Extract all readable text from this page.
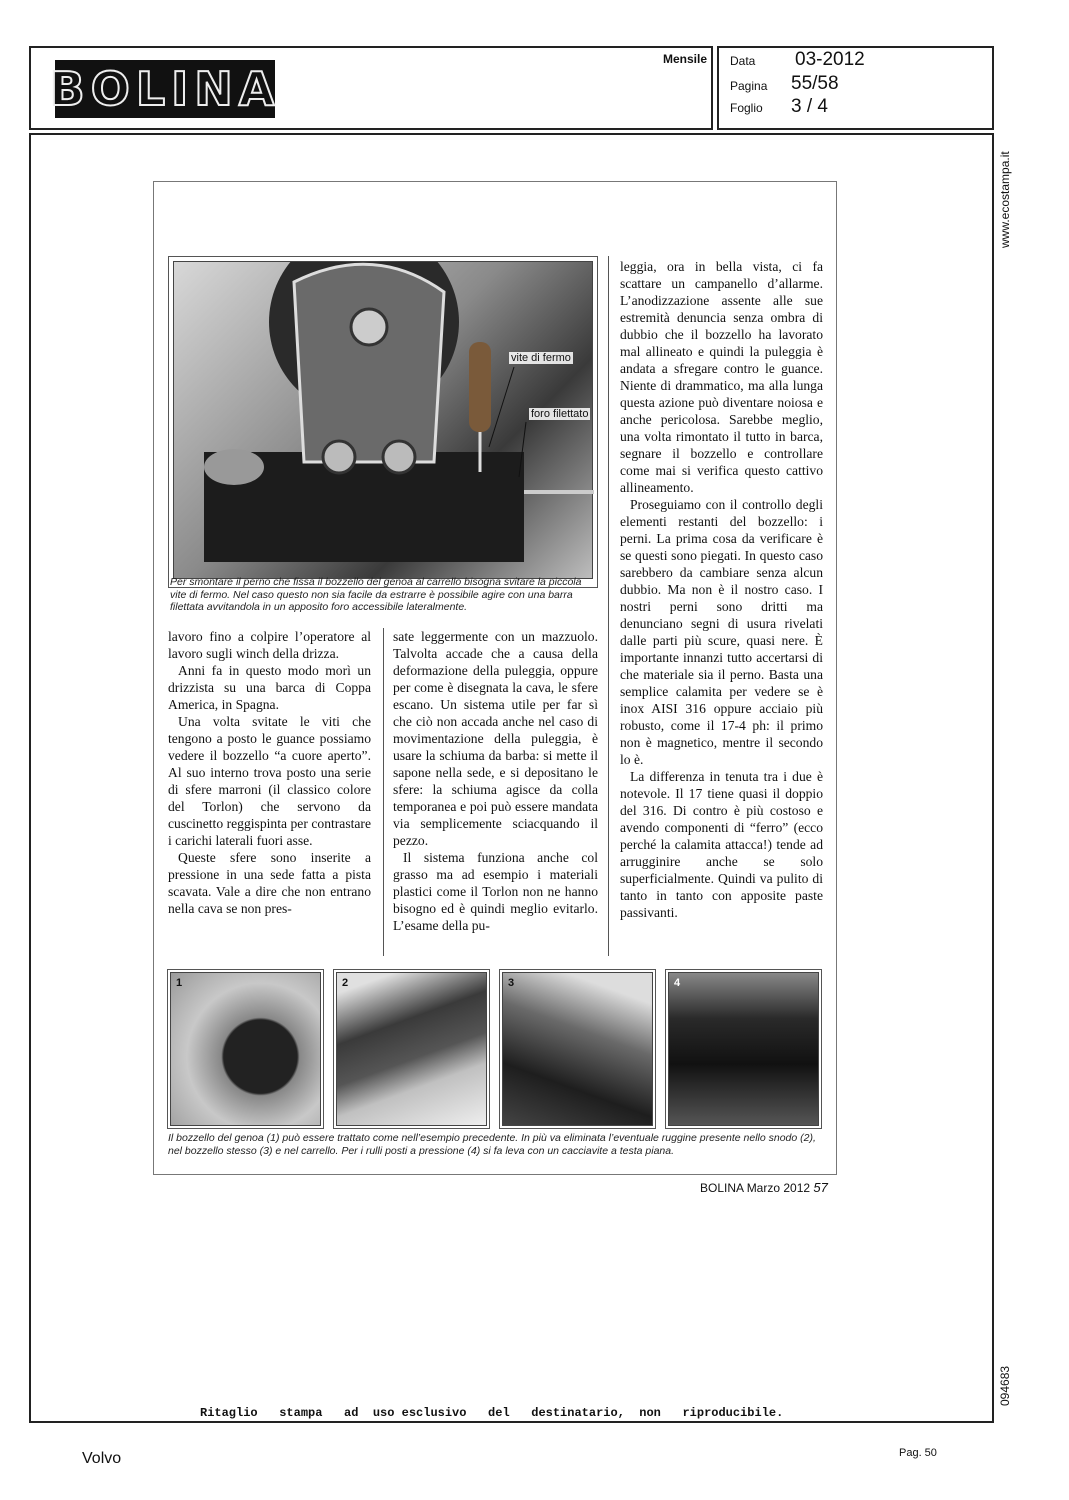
BOLINA
Mensile Data 03-2012
Pagina 55/58
Foglio 3 / 4
www.ecostampa.it
094683
vite di fermo
foro filettato
Per smontare il perno che fissa il bozzello del genoa al carrello bisogna svitare la piccola vite di fermo. Nel caso questo non sia facile da estrarre è possibile agire con una barra filettata avvitandola in un apposito foro accessibile lateralmente.

lavoro fino a colpire l’operatore al lavoro sugli winch della drizza.

Anni fa in questo modo morì un drizzista su una barca di Coppa America, in Spagna.

Una volta svitate le viti che tengono a posto le guance possiamo vedere il bozzello “a cuore aperto”. Al suo interno trova posto una serie di sfere marroni (il classico colore del Torlon) che servono da cuscinetto reggispinta per contrastare i carichi laterali fuori asse.

Queste sfere sono inserite a pressione in una sede fatta a pista scavata. Vale a dire che non entrano nella cava se non pres-

sate leggermente con un mazzuolo. Talvolta accade che a causa della deformazione della puleggia, oppure per come è disegnata la cava, le sfere escano. Un sistema utile per far sì che ciò non accada anche nel caso di movimentazione della puleggia, è usare la schiuma da barba: si mette il sapone nella sede, e si depositano le sfere: la schiuma agisce da colla temporanea e poi può essere mandata via semplicemente sciacquando il pezzo.

Il sistema funziona anche col grasso ma ad esempio i materiali plastici come il Torlon non ne hanno bisogno ed è quindi meglio evitarlo. L’esame della pu-

leggia, ora in bella vista, ci fa scattare un campanello d’allarme. L’anodizzazione assente alle sue estremità denuncia senza ombra di dubbio che il bozzello ha lavorato mal allineato e quindi la puleggia è andata a sfregare contro le guance. Niente di drammatico, ma alla lunga questa azione può diventare noiosa e anche pericolosa. Sarebbe meglio, una volta rimontato il tutto in barca, segnare il bozzello e controllare come mai si verifica questo cattivo allineamento.

Proseguiamo con il controllo degli elementi restanti del bozzello: i perni. La prima cosa da verificare è se questi sono piegati. In questo caso sarebbero da cambiare senza alcun dubbio. Ma non è il nostro caso. I nostri perni sono dritti ma denunciano segni di usura rivelati dalle parti più scure, quasi nere. È importante innanzi tutto accertarsi di che materiale sia il perno. Basta una semplice calamita per vedere se è inox AISI 316 oppure acciaio più robusto, come il 17-4 ph: il primo non è magnetico, mentre il secondo lo è.

La differenza in tenuta tra i due è notevole. Il 17 tiene quasi il doppio del 316. Di contro è più costoso e avendo componenti di “ferro” (ecco perché la calamita attacca!) tende ad arrugginire anche se solo superficialmente. Quindi va pulito di tanto in tanto con apposite paste passivanti.

1	2	3	4
Il bozzello del genoa (1) può essere trattato come nell’esempio precedente. In più va eliminata l’eventuale ruggine presente nello snodo (2), nel bozzello stesso (3) e nel carrello. Per i rulli posti a pressione (4) si fa leva con un cacciavite a testa piana.
BOLINA Marzo 2012 57
Ritaglio   stampa   ad  uso esclusivo   del   destinatario,  non   riproducibile.
Volvo	Pag. 50
